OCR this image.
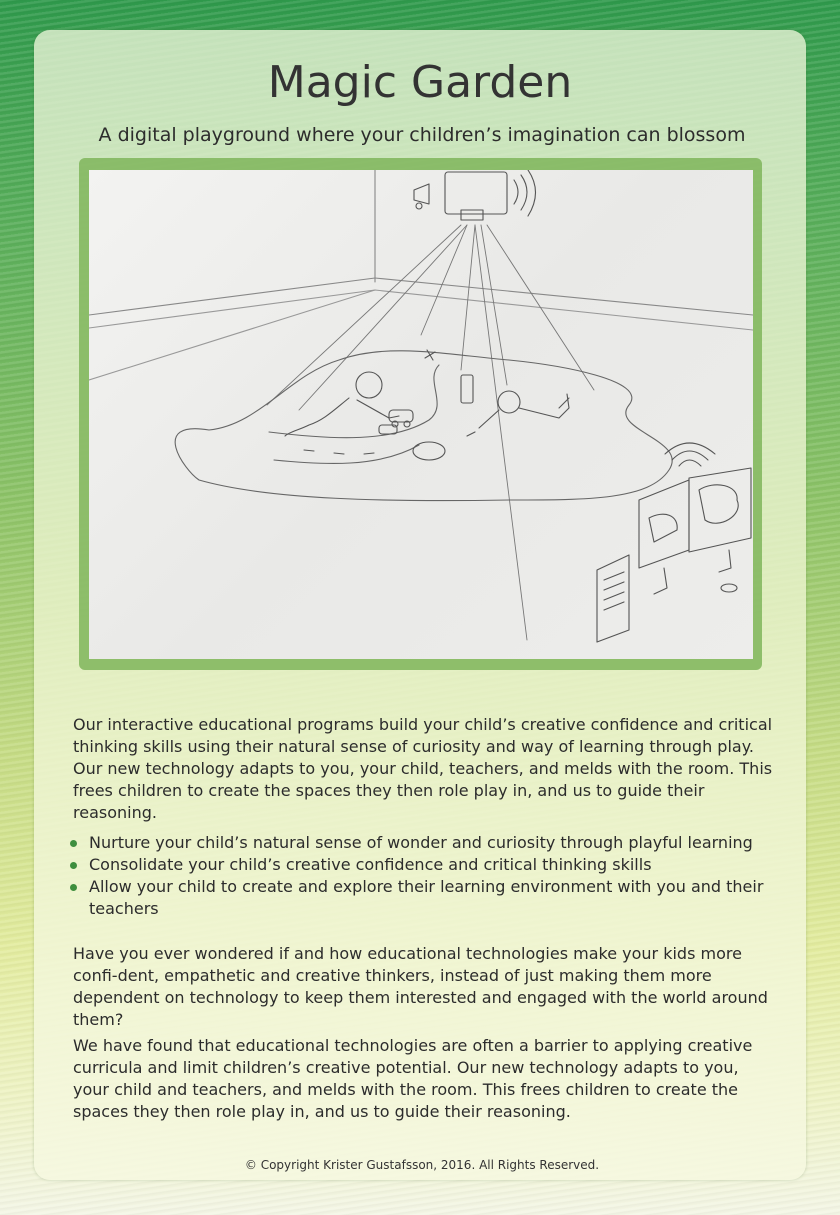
Magic Garden

A digital playground where your children’s imagination can blossom

Our interactive educational programs build your child’s creative confidence and critical thinking skills using their natural sense of curiosity and way of learning through play. Our new technology adapts to you, your child, teachers, and melds with the room. This frees children to create the spaces they then role play in, and us to guide their reasoning.

Nurture your child’s natural sense of wonder and curiosity through playful learning
Consolidate your child’s creative confidence and critical thinking skills
Allow your child to create and explore their learning environment with you and their teachers

Have you ever wondered if and how educational technologies make your kids more confi-dent, empathetic and creative thinkers, instead of just making them more dependent on technology to keep them interested and engaged with the world around them?

We have found that educational technologies are often a barrier to applying creative curricula and limit children’s creative potential. Our new technology adapts to you, your child and teachers, and melds with the room. This frees children to create the spaces they then role play in, and us to guide their reasoning.

© Copyright Krister Gustafsson, 2016. All Rights Reserved.
